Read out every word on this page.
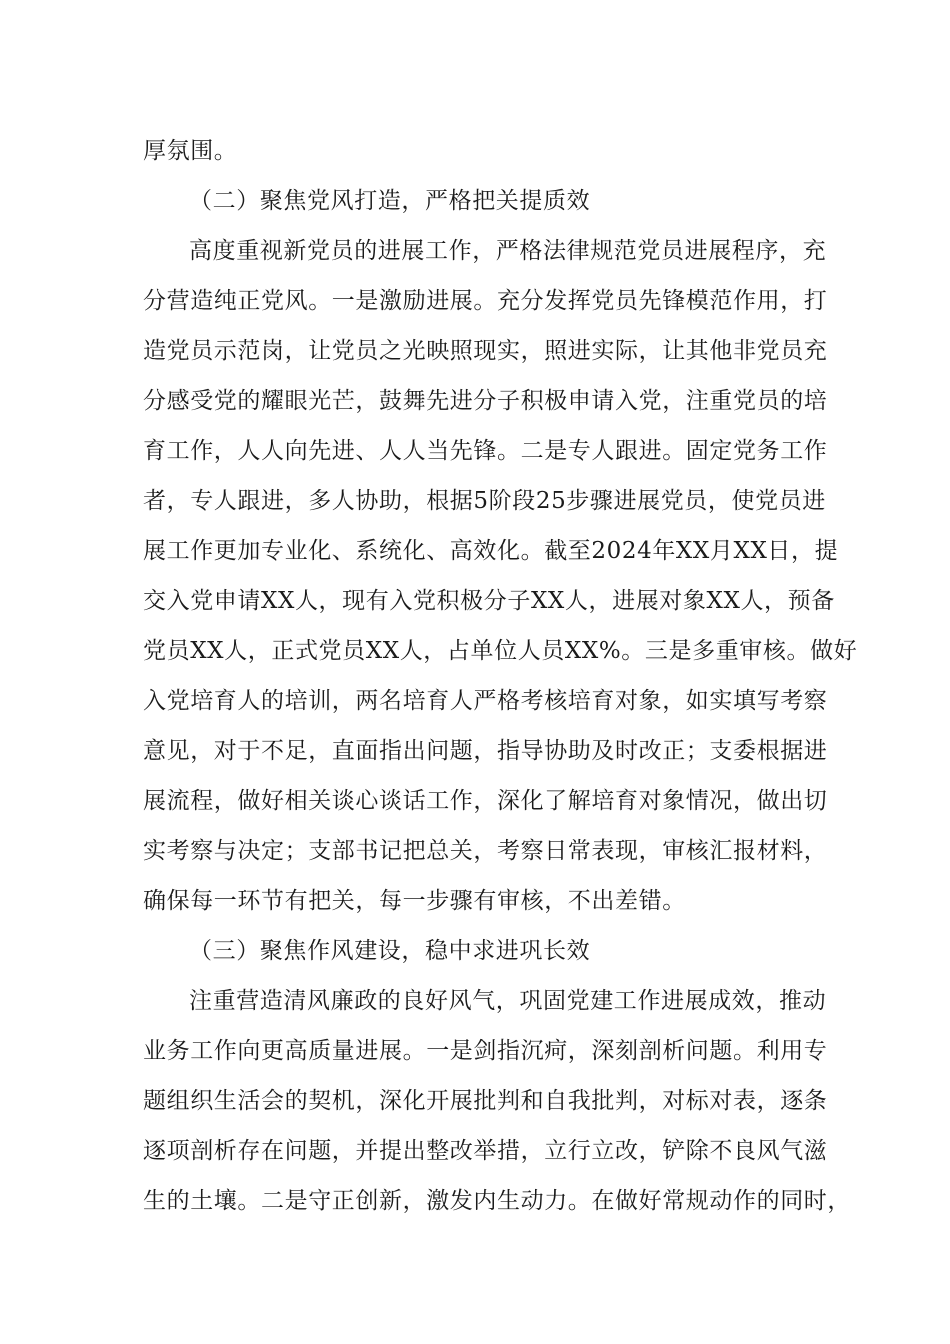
厚氛围。
（二）聚焦党风打造，严格把关提质效
高度重视新党员的进展工作，严格法律规范党员进展程序，充
分营造纯正党风。一是激励进展。充分发挥党员先锋模范作用，打
造党员示范岗，让党员之光映照现实，照进实际，让其他非党员充
分感受党的耀眼光芒，鼓舞先进分子积极申请入党，注重党员的培
育工作，人人向先进、人人当先锋。二是专人跟进。固定党务工作
者，专人跟进，多人协助，根据5阶段25步骤进展党员，使党员进
展工作更加专业化、系统化、高效化。截至2024年XX月XX日，提
交入党申请XX人，现有入党积极分子XX人，进展对象XX人，预备
党员XX人，正式党员XX人，占单位人员XX%。三是多重审核。做好
入党培育人的培训，两名培育人严格考核培育对象，如实填写考察
意见，对于不足，直面指出问题，指导协助及时改正；支委根据进
展流程，做好相关谈心谈话工作，深化了解培育对象情况，做出切
实考察与决定；支部书记把总关，考察日常表现，审核汇报材料，
确保每一环节有把关，每一步骤有审核，不出差错。
（三）聚焦作风建设，稳中求进巩长效
注重营造清风廉政的良好风气，巩固党建工作进展成效，推动
业务工作向更高质量进展。一是剑指沉疴，深刻剖析问题。利用专
题组织生活会的契机，深化开展批判和自我批判，对标对表，逐条
逐项剖析存在问题，并提出整改举措，立行立改，铲除不良风气滋
生的土壤。二是守正创新，激发内生动力。在做好常规动作的同时，
